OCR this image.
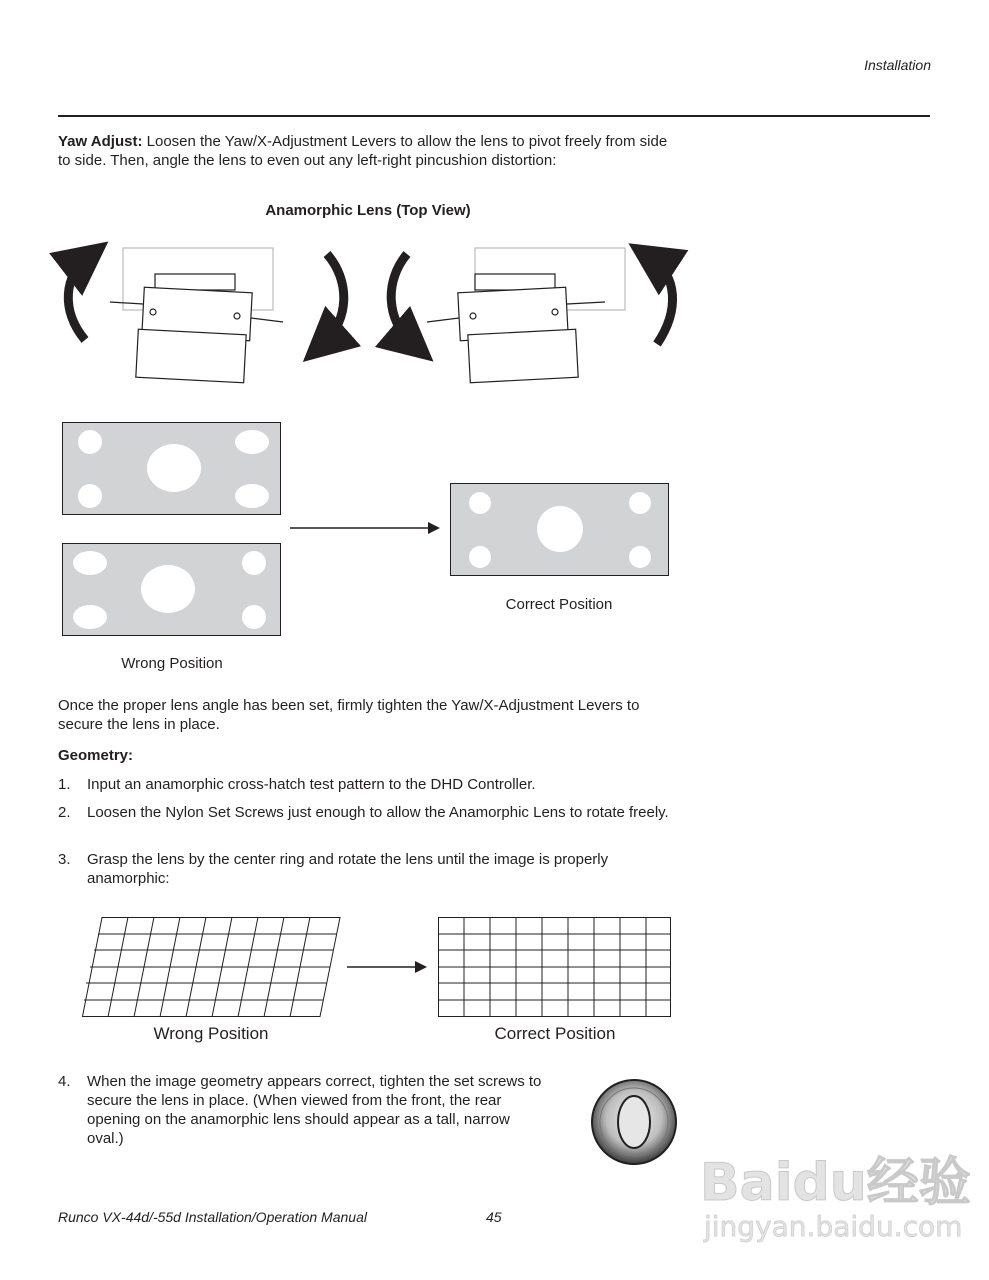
Installation
Yaw Adjust: Loosen the Yaw/X-Adjustment Levers to allow the lens to pivot freely from side to side. Then, angle the lens to even out any left-right pincushion distortion:
Anamorphic Lens (Top View)
Correct Position
Wrong Position
Once the proper lens angle has been set, firmly tighten the Yaw/X-Adjustment Levers to secure the lens in place.
Geometry:
1.	Input an anamorphic cross-hatch test pattern to the DHD Controller.
2.	Loosen the Nylon Set Screws just enough to allow the Anamorphic Lens to rotate freely.
3.	Grasp the lens by the center ring and rotate the lens until the image is properly anamorphic:
Wrong Position	Correct Position
4.	When the image geometry appears correct, tighten the set screws to secure the lens in place. (When viewed from the front, the rear opening on the anamorphic lens should appear as a tall, narrow oval.)
Baidu经验
jingyan.baidu.com
Runco VX-44d/-55d Installation/Operation Manual	45
